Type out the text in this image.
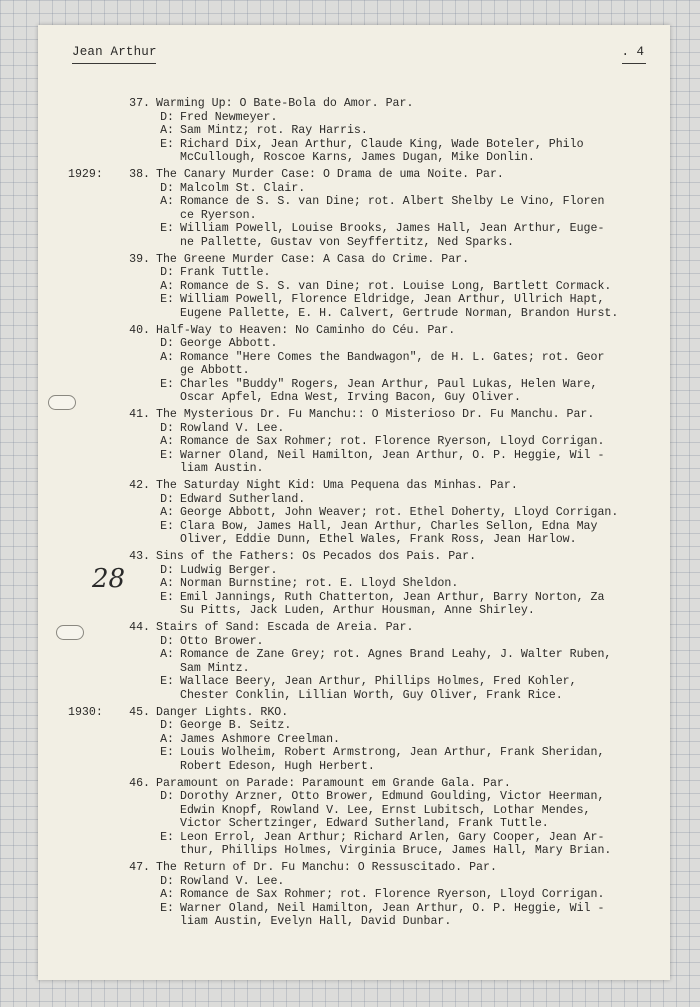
Jean Arthur	. 4
37. Warming Up: O Bate-Bola do Amor. Par.
D: Fred Newmeyer.
A: Sam Mintz; rot. Ray Harris.
E: Richard Dix, Jean Arthur, Claude King, Wade Boteler, Philo
McCullough, Roscoe Karns, James Dugan, Mike Donlin.
1929:	38. The Canary Murder Case: O Drama de uma Noite. Par.
D: Malcolm St. Clair.
A: Romance de S. S. van Dine; rot. Albert Shelby Le Vino, Floren
ce Ryerson.
E: William Powell, Louise Brooks, James Hall, Jean Arthur, Euge-
ne Pallette, Gustav von Seyffertitz, Ned Sparks.
39. The Greene Murder Case: A Casa do Crime. Par.
D: Frank Tuttle.
A: Romance de S. S. van Dine; rot. Louise Long, Bartlett Cormack.
E: William Powell, Florence Eldridge, Jean Arthur, Ullrich Hapt,
Eugene Pallette, E. H. Calvert, Gertrude Norman, Brandon Hurst.
40. Half-Way to Heaven: No Caminho do Céu. Par.
D: George Abbott.
A: Romance "Here Comes the Bandwagon", de H. L. Gates; rot. Geor
ge Abbott.
E: Charles "Buddy" Rogers, Jean Arthur, Paul Lukas, Helen Ware,
Oscar Apfel, Edna West, Irving Bacon, Guy Oliver.
41. The Mysterious Dr. Fu Manchu:: O Misterioso Dr. Fu Manchu. Par.
D: Rowland V. Lee.
A: Romance de Sax Rohmer; rot. Florence Ryerson, Lloyd Corrigan.
E: Warner Oland, Neil Hamilton, Jean Arthur, O. P. Heggie, Wil -
liam Austin.
42. The Saturday Night Kid: Uma Pequena das Minhas. Par.
D: Edward Sutherland.
A: George Abbott, John Weaver; rot. Ethel Doherty, Lloyd Corrigan.
E: Clara Bow, James Hall, Jean Arthur, Charles Sellon, Edna May
Oliver, Eddie Dunn, Ethel Wales, Frank Ross, Jean Harlow.
43. Sins of the Fathers: Os Pecados dos Pais. Par.
D: Ludwig Berger.
A: Norman Burnstine; rot. E. Lloyd Sheldon.
E: Emil Jannings, Ruth Chatterton, Jean Arthur, Barry Norton, Za
Su Pitts, Jack Luden, Arthur Housman, Anne Shirley.
44. Stairs of Sand: Escada de Areia. Par.
D: Otto Brower.
A: Romance de Zane Grey; rot. Agnes Brand Leahy, J. Walter Ruben,
Sam Mintz.
E: Wallace Beery, Jean Arthur, Phillips Holmes, Fred Kohler,
Chester Conklin, Lillian Worth, Guy Oliver, Frank Rice.
1930:	45. Danger Lights. RKO.
D: George B. Seitz.
A: James Ashmore Creelman.
E: Louis Wolheim, Robert Armstrong, Jean Arthur, Frank Sheridan,
Robert Edeson, Hugh Herbert.
46. Paramount on Parade: Paramount em Grande Gala. Par.
D: Dorothy Arzner, Otto Brower, Edmund Goulding, Victor Heerman,
Edwin Knopf, Rowland V. Lee, Ernst Lubitsch, Lothar Mendes,
Victor Schertzinger, Edward Sutherland, Frank Tuttle.
E: Leon Errol, Jean Arthur; Richard Arlen, Gary Cooper, Jean Ar-
thur, Phillips Holmes, Virginia Bruce, James Hall, Mary Brian.
47. The Return of Dr. Fu Manchu: O Ressuscitado. Par.
D: Rowland V. Lee.
A: Romance de Sax Rohmer; rot. Florence Ryerson, Lloyd Corrigan.
E: Warner Oland, Neil Hamilton, Jean Arthur, O. P. Heggie, Wil -
liam Austin, Evelyn Hall, David Dunbar.
28
